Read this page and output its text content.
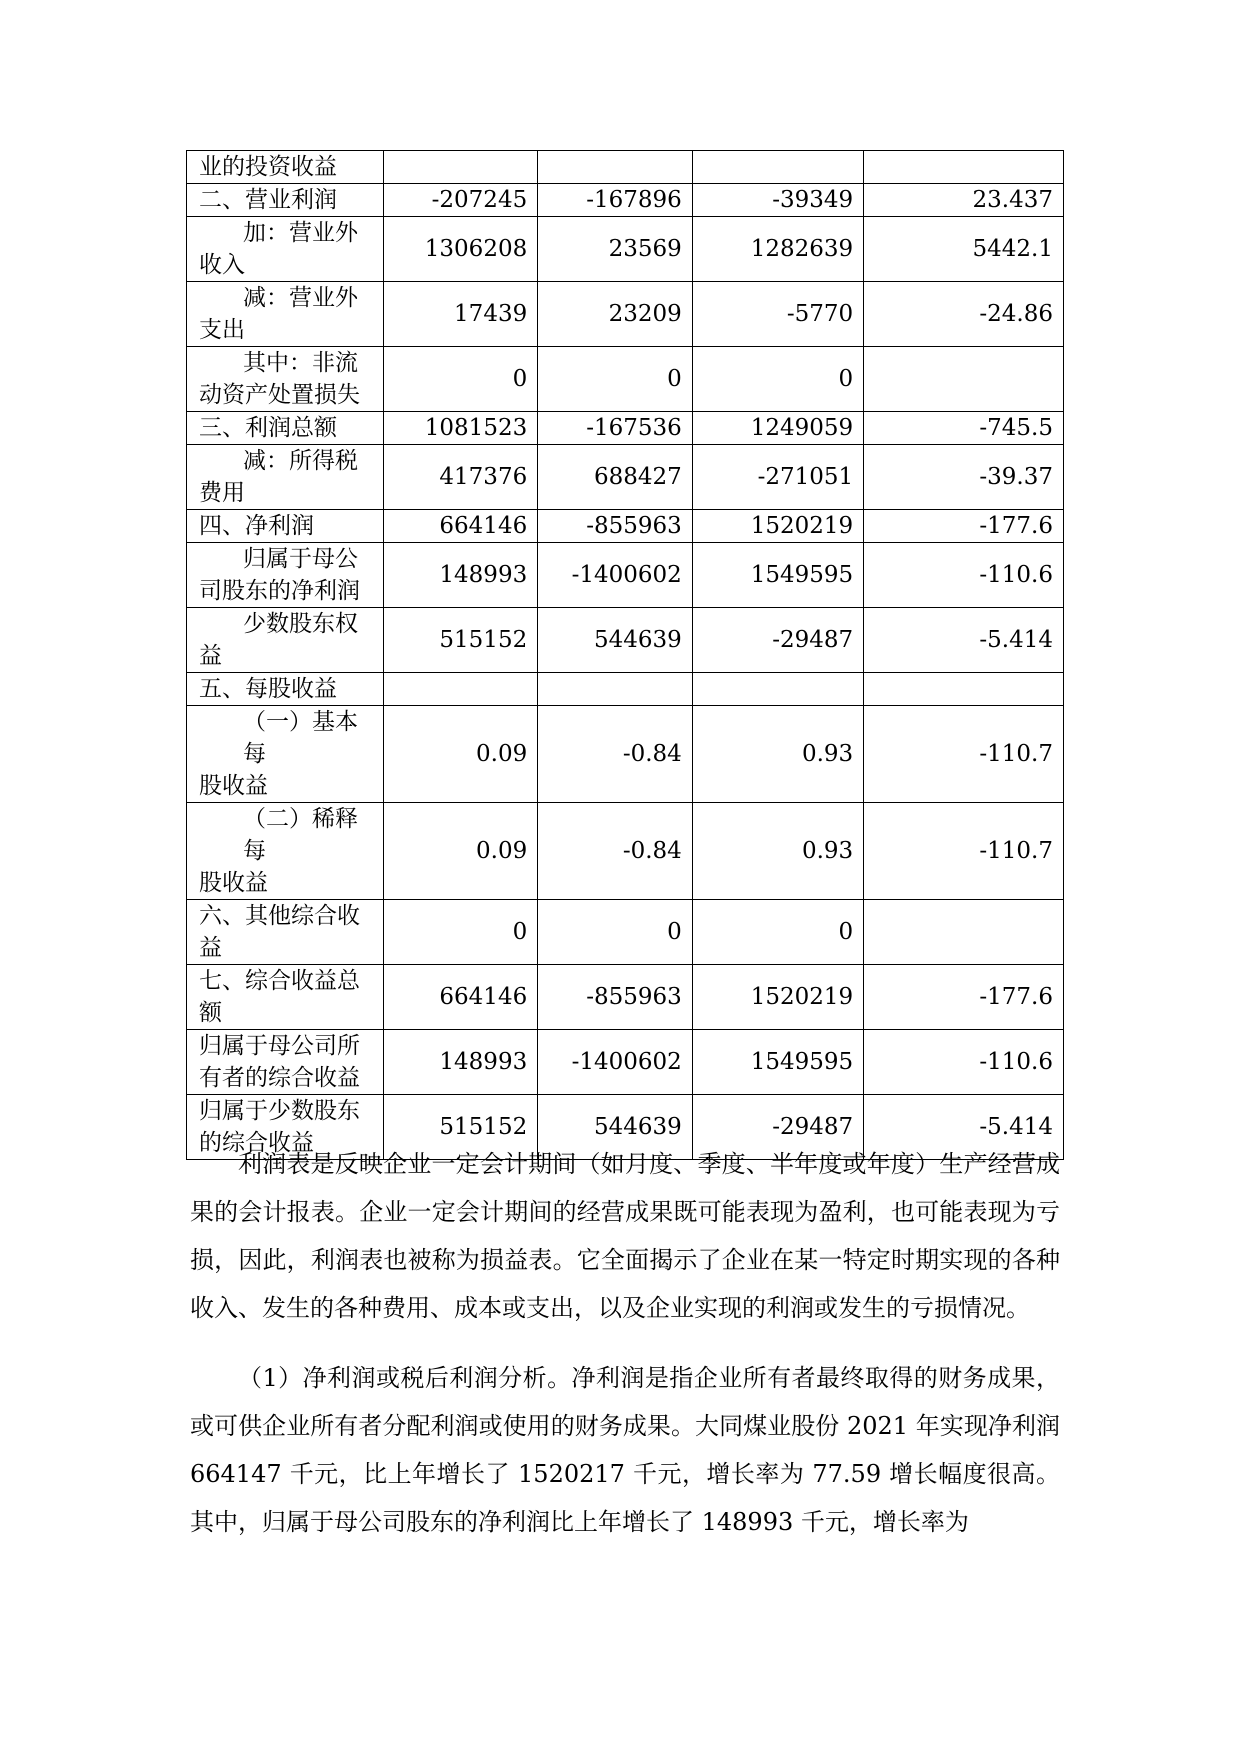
业的投资收益				

二、营业利润	-207245	-167896	-39349	23.437

加：营业外
收入	1306208	23569	1282639	5442.1

减：营业外
支出	17439	23209	-5770	-24.86

其中：非流
动资产处置损失	0	0	0	

三、利润总额	1081523	-167536	1249059	-745.5

减：所得税
费用	417376	688427	-271051	-39.37

四、净利润	664146	-855963	1520219	-177.6

归属于母公
司股东的净利润	148993	-1400602	1549595	-110.6

少数股东权
益	515152	544639	-29487	-5.414

五、每股收益				

（一）基本每
股收益	0.09	-0.84	0.93	-110.7

（二）稀释每
股收益	0.09	-0.84	0.93	-110.7

六、其他综合收
益	0	0	0	

七、综合收益总
额	664146	-855963	1520219	-177.6

归属于母公司所
有者的综合收益	148993	-1400602	1549595	-110.6

归属于少数股东
的综合收益	515152	544639	-29487	-5.414

利润表是反映企业一定会计期间（如月度、季度、半年度或年度）生产经营成果的会计报表。企业一定会计期间的经营成果既可能表现为盈利，也可能表现为亏损，因此，利润表也被称为损益表。它全面揭示了企业在某一特定时期实现的各种收入、发生的各种费用、成本或支出，以及企业实现的利润或发生的亏损情况。

（1）净利润或税后利润分析。净利润是指企业所有者最终取得的财务成果，或可供企业所有者分配利润或使用的财务成果。大同煤业股份 2021 年实现净利润 664147 千元，比上年增长了 1520217 千元，增长率为 77.59 增长幅度很高。其中，归属于母公司股东的净利润比上年增长了 148993 千元，增长率为
